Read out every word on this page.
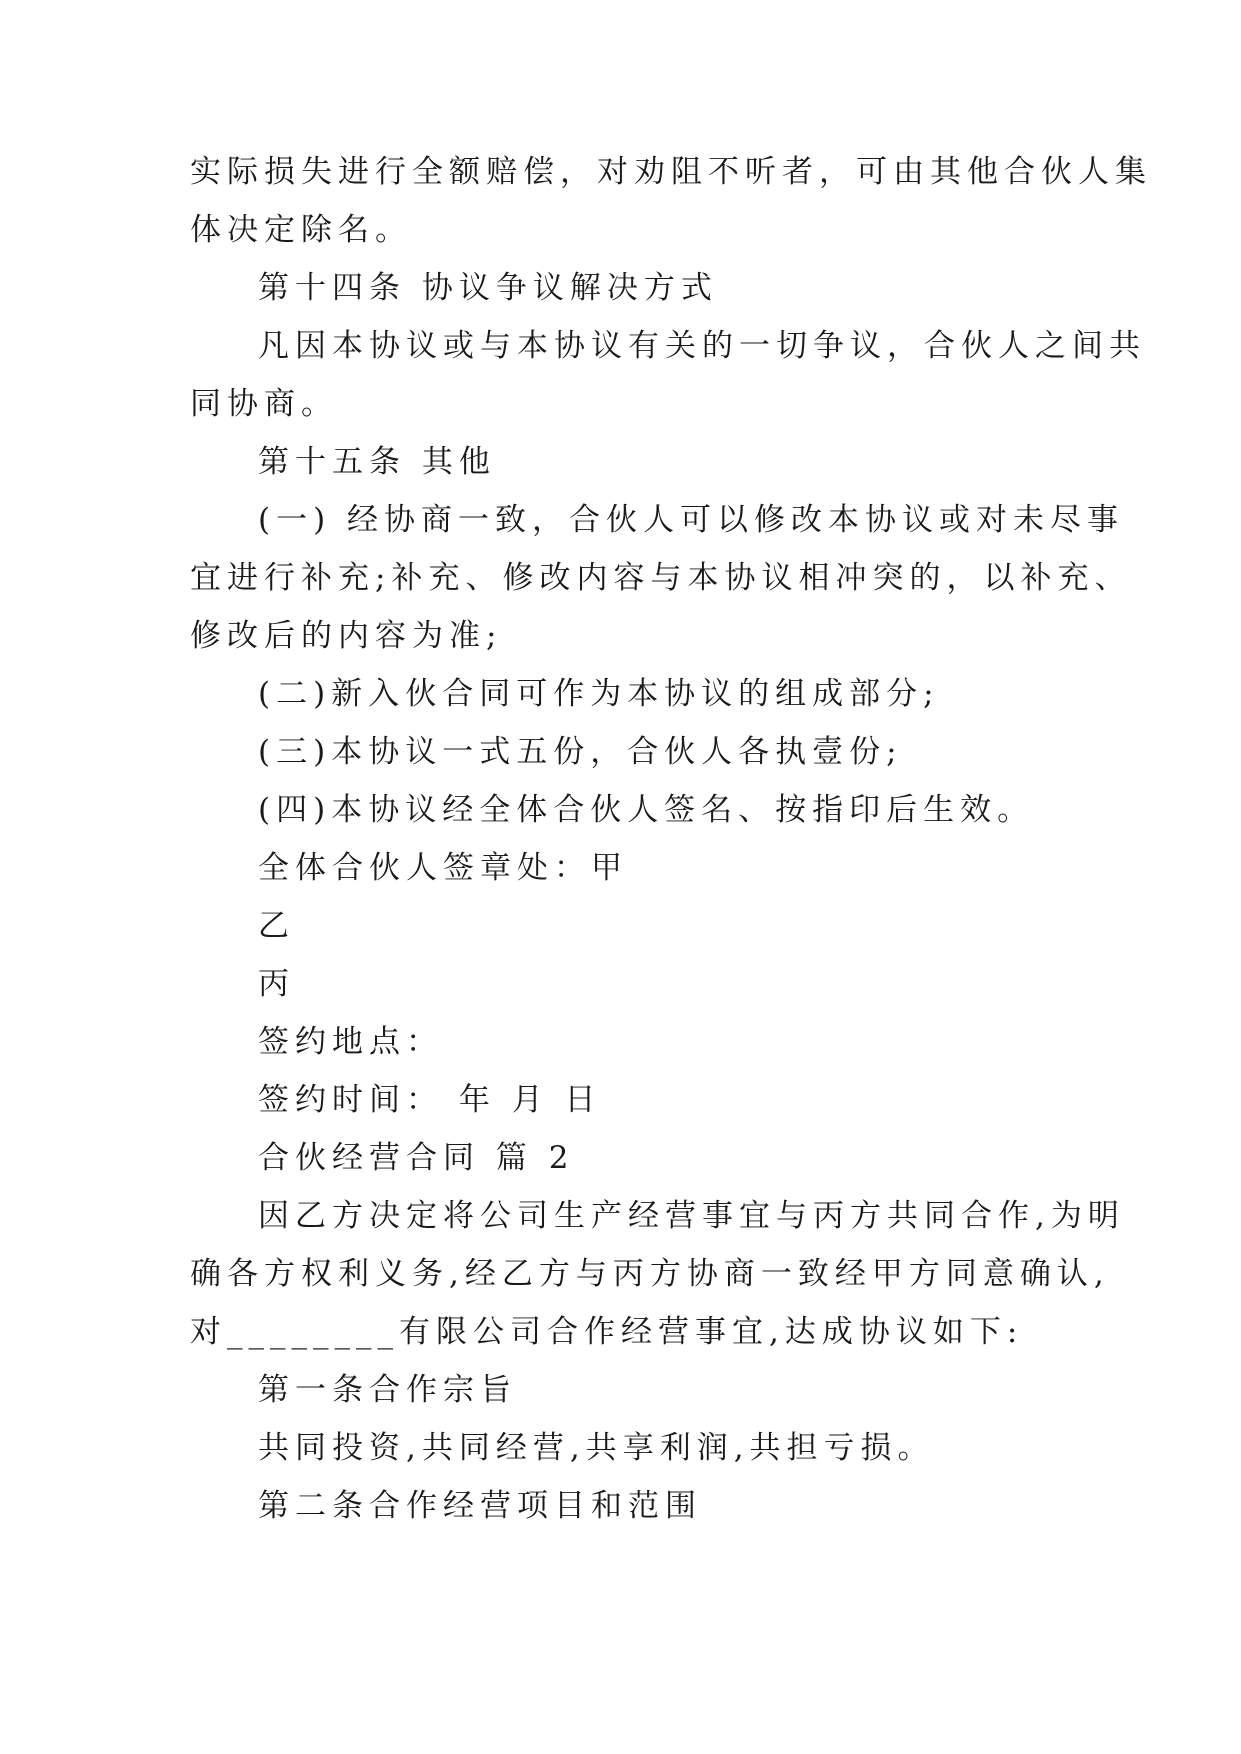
实际损失进行全额赔偿，对劝阻不听者，可由其他合伙人集
体决定除名。
第十四条 协议争议解决方式
凡因本协议或与本协议有关的一切争议，合伙人之间共
同协商。
第十五条 其他
(一) 经协商一致，合伙人可以修改本协议或对未尽事
宜进行补充;补充、修改内容与本协议相冲突的，以补充、
修改后的内容为准;
(二)新入伙合同可作为本协议的组成部分;
(三)本协议一式五份，合伙人各执壹份;
(四)本协议经全体合伙人签名、按指印后生效。
全体合伙人签章处：甲
乙
丙
签约地点：
签约时间： 年 月 日
合伙经营合同 篇 2
因乙方决定将公司生产经营事宜与丙方共同合作,为明
确各方权利义务,经乙方与丙方协商一致经甲方同意确认,
对________有限公司合作经营事宜,达成协议如下:
第一条合作宗旨
共同投资,共同经营,共享利润,共担亏损。
第二条合作经营项目和范围
